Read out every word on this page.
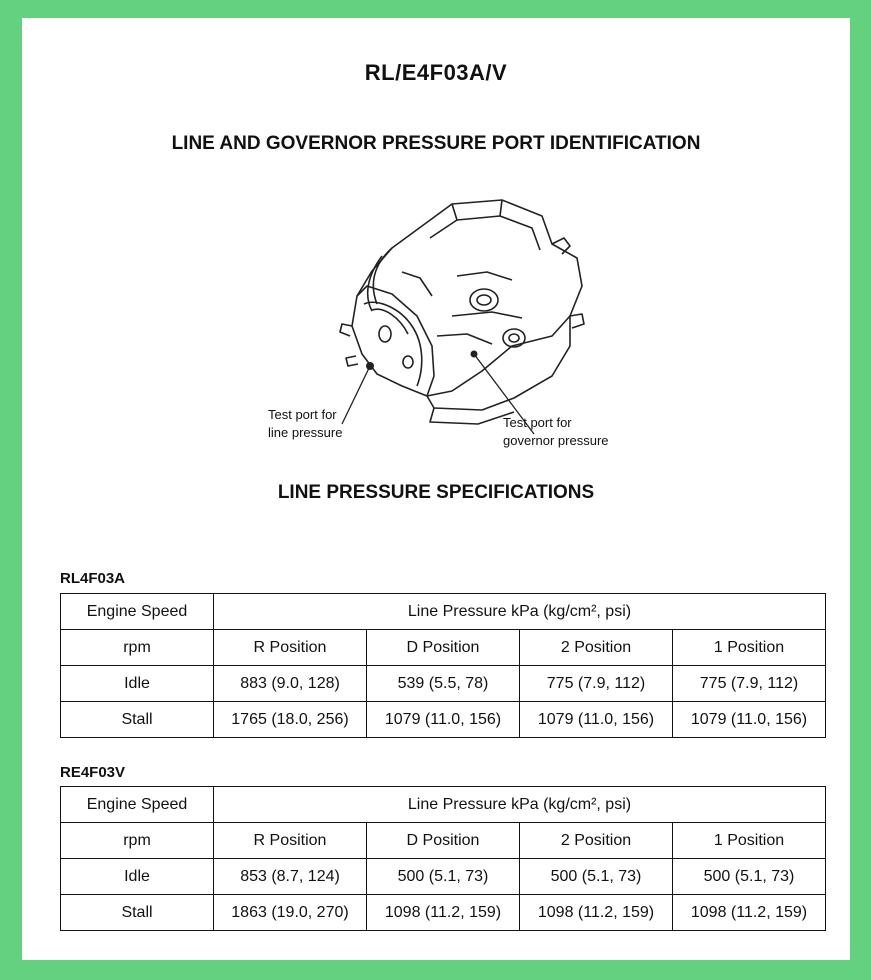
RL/E4F03A/V
LINE AND GOVERNOR PRESSURE PORT IDENTIFICATION
Test port for
line pressure
Test port for
governor pressure
LINE PRESSURE SPECIFICATIONS
RL4F03A
Engine Speed	Line Pressure kPa (kg/cm², psi)			
rpm	R Position	D Position	2 Position	1 Position
Idle	883 (9.0, 128)	539 (5.5, 78)	775 (7.9, 112)	775 (7.9, 112)
Stall	1765 (18.0, 256)	1079 (11.0, 156)	1079 (11.0, 156)	1079 (11.0, 156)
RE4F03V
Engine Speed	Line Pressure kPa (kg/cm², psi)			
rpm	R Position	D Position	2 Position	1 Position
Idle	853 (8.7, 124)	500 (5.1, 73)	500 (5.1, 73)	500 (5.1, 73)
Stall	1863 (19.0, 270)	1098 (11.2, 159)	1098 (11.2, 159)	1098 (11.2, 159)
